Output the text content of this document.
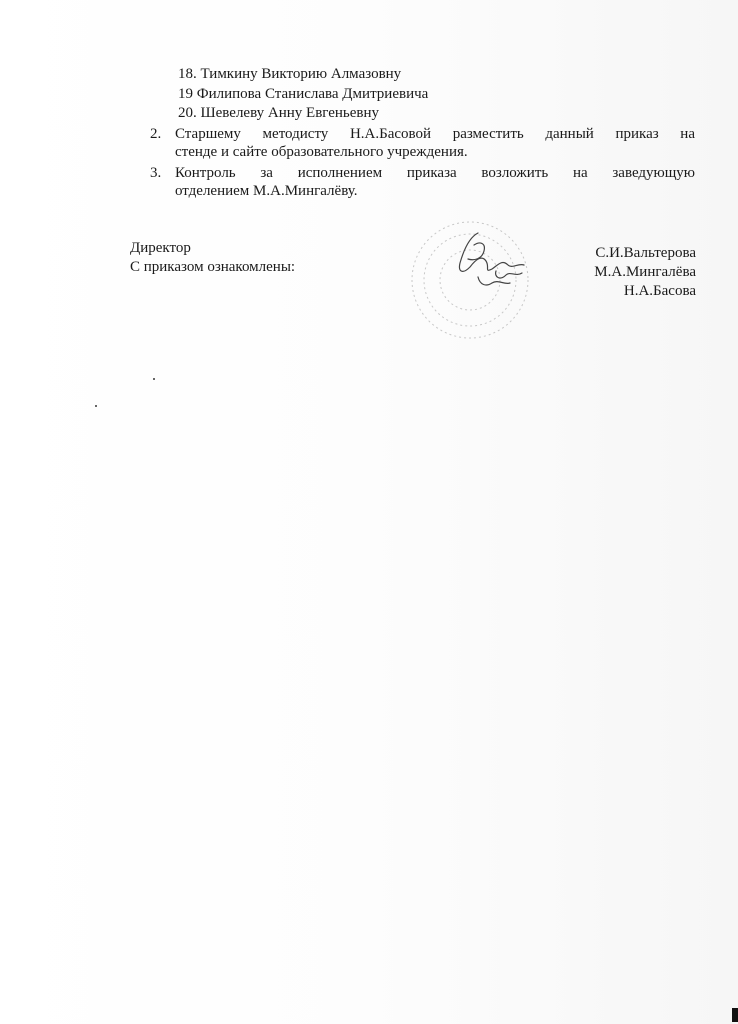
18. Тимкину Викторию Алмазовну
19 Филипова Станислава Дмитриевича
20. Шевелеву Анну Евгеньевну
2. Старшему методисту Н.А.Басовой разместить данный приказ на
стенде и сайте образовательного учреждения.
3. Контроль за исполнением приказа возложить на заведующую
отделением М.А.Мингалёву.
Директор
С приказом ознакомлены:
С.И.Вальтерова
М.А.Мингалёва
Н.А.Басова
